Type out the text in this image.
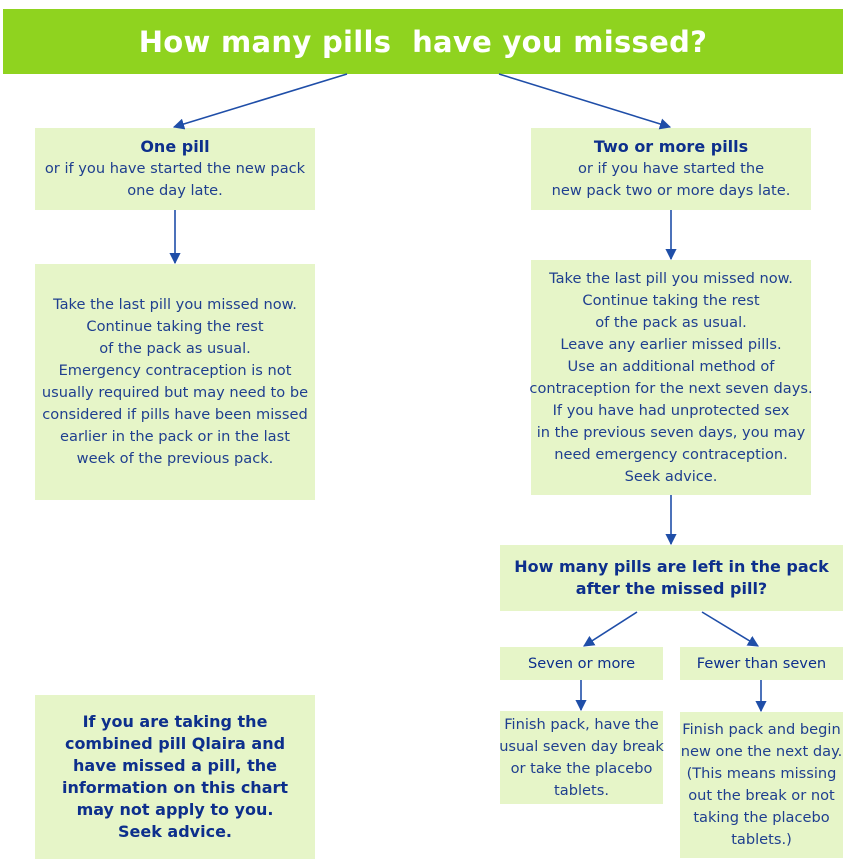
How many pills  have you missed?
One pill
or if you have started the new pack
one day late.
Take the last pill you missed now.
Continue taking the rest
of the pack as usual.
Emergency contraception is not
usually required but may need to be
considered if pills have been missed
earlier in the pack or in the last
week of the previous pack.
If you are taking the
combined pill Qlaira and
have missed a pill, the
information on this chart
may not apply to you.
Seek advice.
Two or more pills
or if you have started the
new pack two or more days late.
Take the last pill you missed now.
Continue taking the rest
of the pack as usual.
Leave any earlier missed pills.
Use an additional method of
contraception for the next seven days.
If you have had unprotected sex
in the previous seven days, you may
need emergency contraception.
Seek advice.
How many pills are left in the pack
after the missed pill?
Seven or more	Fewer than seven
Finish pack, have the
usual seven day break
or take the placebo
tablets.
Finish pack and begin
new one the next day.
(This means missing
out the break or not
taking the placebo
tablets.)
